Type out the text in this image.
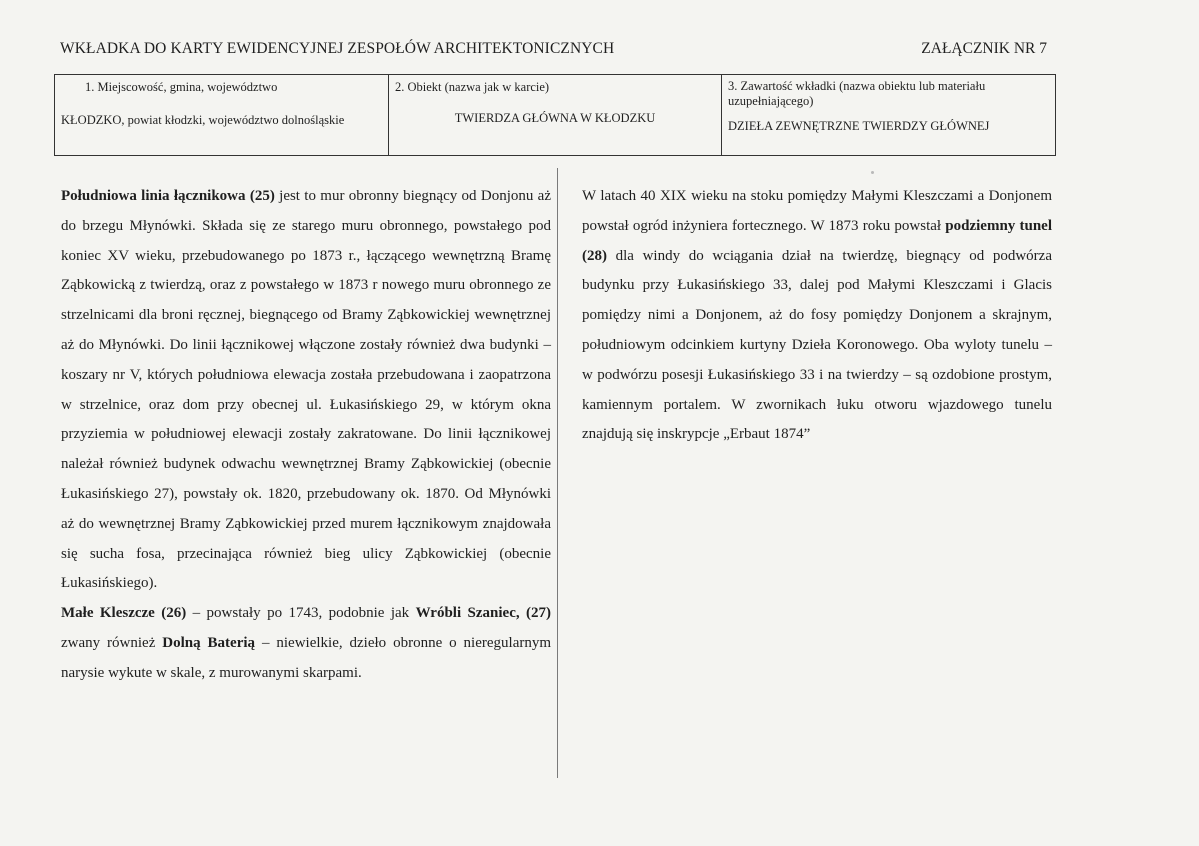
WKŁADKA DO KARTY EWIDENCYJNEJ ZESPOŁÓW ARCHITEKTONICZNYCH	ZAŁĄCZNIK NR 7
1. Miejscowość, gmina, województwo
KŁODZKO, powiat kłodzki, województwo dolnośląskie
2. Obiekt (nazwa jak w karcie)
TWIERDZA GŁÓWNA W KŁODZKU
3. Zawartość wkładki (nazwa obiektu lub materiału uzupełniającego)
DZIEŁA ZEWNĘTRZNE TWIERDZY GŁÓWNEJ

Południowa linia łącznikowa (25) jest to mur obronny biegnący od Donjonu aż do brzegu Młynówki. Składa się ze starego muru obronnego, powstałego pod koniec XV wieku, przebudowanego po 1873 r., łączącego wewnętrzną Bramę Ząbkowicką z twierdzą, oraz z powstałego w 1873 r nowego muru obronnego ze strzelnicami dla broni ręcznej, biegnącego od Bramy Ząbkowickiej wewnętrznej aż do Młynówki. Do linii łącznikowej włączone zostały również dwa budynki – koszary nr V, których południowa elewacja została przebudowana i zaopatrzona w strzelnice, oraz dom przy obecnej ul. Łukasińskiego 29, w którym okna przyziemia w południowej elewacji zostały zakratowane. Do linii łącznikowej należał również budynek odwachu wewnętrznej Bramy Ząbkowickiej (obecnie Łukasińskiego 27), powstały ok. 1820, przebudowany ok. 1870. Od Młynówki aż do wewnętrznej Bramy Ząbkowickiej przed murem łącznikowym znajdowała się sucha fosa, przecinająca również bieg ulicy Ząbkowickiej (obecnie Łukasińskiego).

Małe Kleszcze (26) – powstały po 1743, podobnie jak Wróbli Szaniec, (27) zwany również Dolną Baterią – niewielkie, dzieło obronne o nieregularnym narysie wykute w skale, z murowanymi skarpami.

W latach 40 XIX wieku na stoku pomiędzy Małymi Kleszczami a Donjonem powstał ogród inżyniera fortecznego. W 1873 roku powstał podziemny tunel (28) dla windy do wciągania dział na twierdzę, biegnący od podwórza budynku przy Łukasińskiego 33, dalej pod Małymi Kleszczami i Glacis pomiędzy nimi a Donjonem, aż do fosy pomiędzy Donjonem a skrajnym, południowym odcinkiem kurtyny Dzieła Koronowego. Oba wyloty tunelu – w podwórzu posesji Łukasińskiego 33 i na twierdzy – są ozdobione prostym, kamiennym portalem. W zwornikach łuku otworu wjazdowego tunelu znajdują się inskrypcje „Erbaut 1874”
